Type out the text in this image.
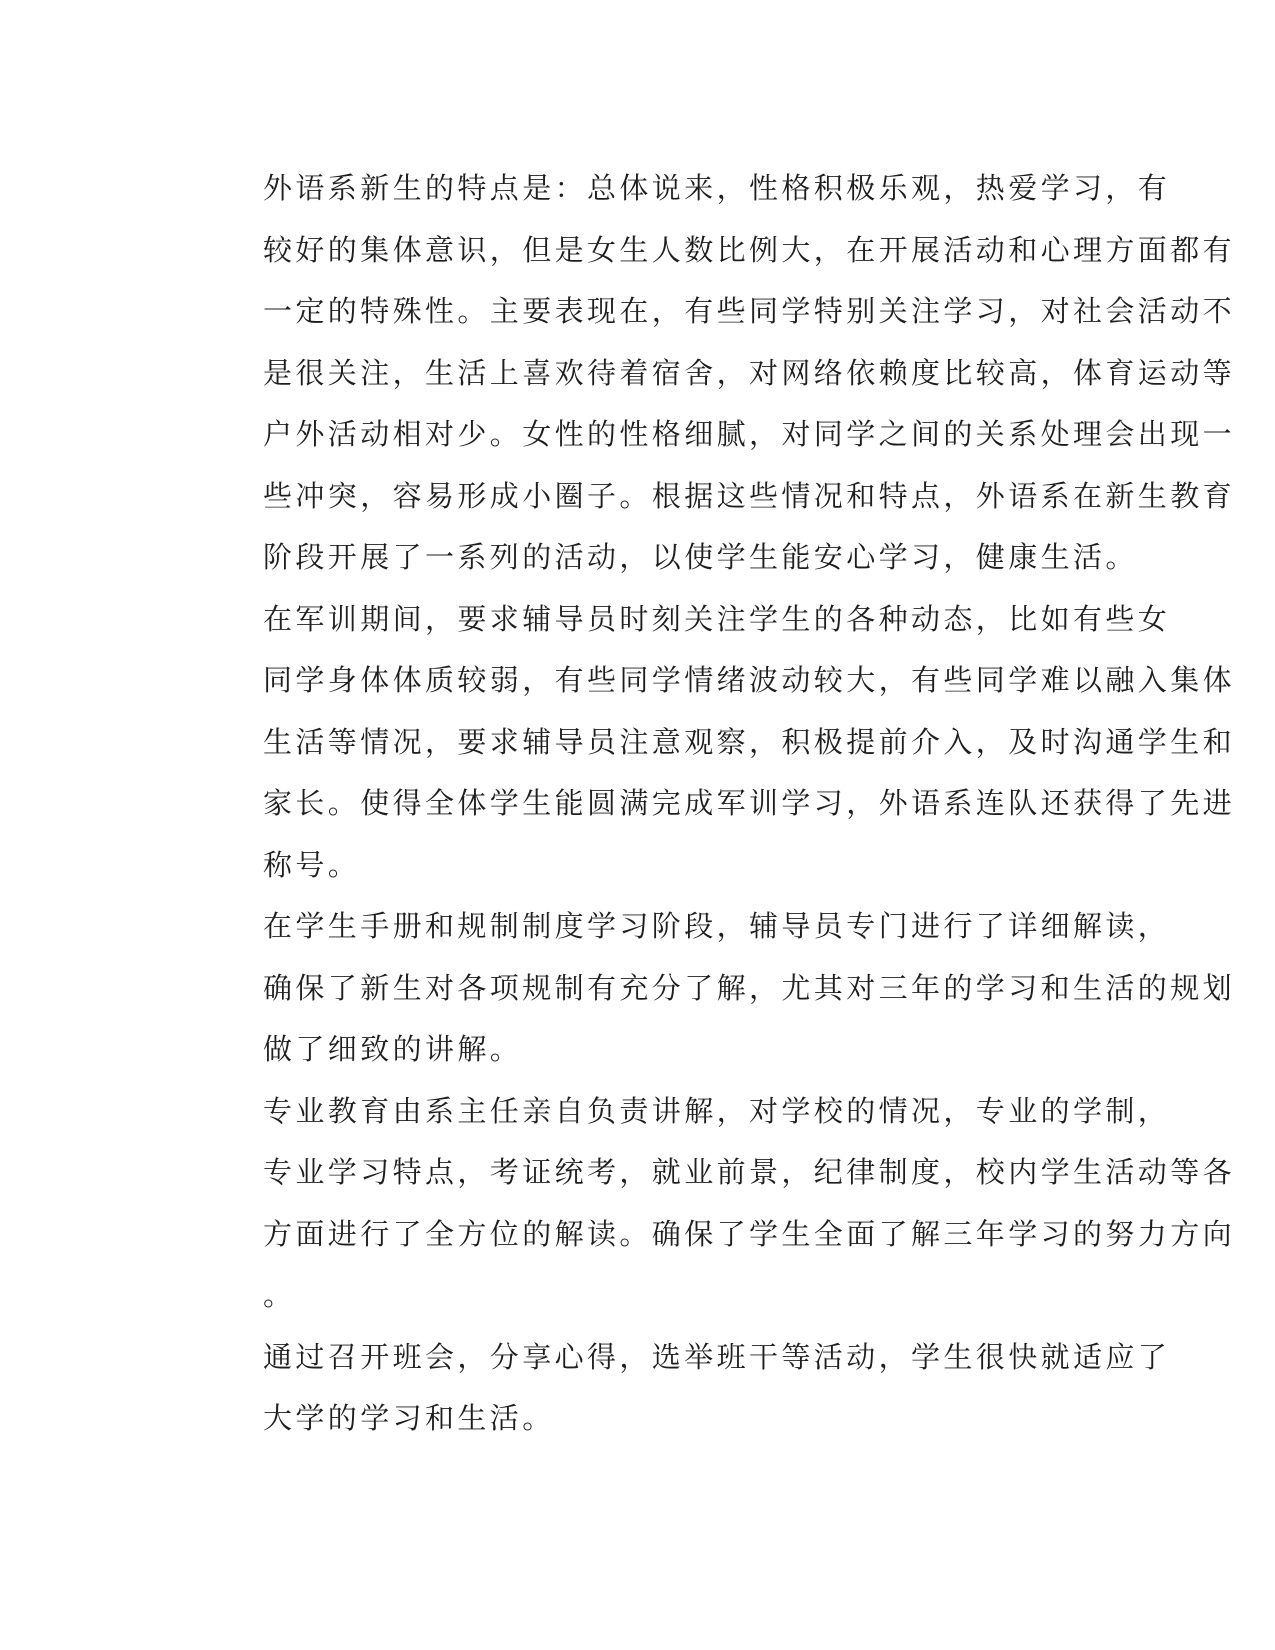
外语系新生的特点是：总体说来，性格积极乐观，热爱学习，有
较好的集体意识，但是女生人数比例大，在开展活动和心理方面都有
一定的特殊性。主要表现在，有些同学特别关注学习，对社会活动不
是很关注，生活上喜欢待着宿舍，对网络依赖度比较高，体育运动等
户外活动相对少。女性的性格细腻，对同学之间的关系处理会出现一
些冲突，容易形成小圈子。根据这些情况和特点，外语系在新生教育
阶段开展了一系列的活动，以使学生能安心学习，健康生活。

在军训期间，要求辅导员时刻关注学生的各种动态，比如有些女
同学身体体质较弱，有些同学情绪波动较大，有些同学难以融入集体
生活等情况，要求辅导员注意观察，积极提前介入，及时沟通学生和
家长。使得全体学生能圆满完成军训学习，外语系连队还获得了先进
称号。

在学生手册和规制制度学习阶段，辅导员专门进行了详细解读，
确保了新生对各项规制有充分了解，尤其对三年的学习和生活的规划
做了细致的讲解。

专业教育由系主任亲自负责讲解，对学校的情况，专业的学制，
专业学习特点，考证统考，就业前景，纪律制度，校内学生活动等各
方面进行了全方位的解读。确保了学生全面了解三年学习的努力方向
。

通过召开班会，分享心得，选举班干等活动，学生很快就适应了
大学的学习和生活。
